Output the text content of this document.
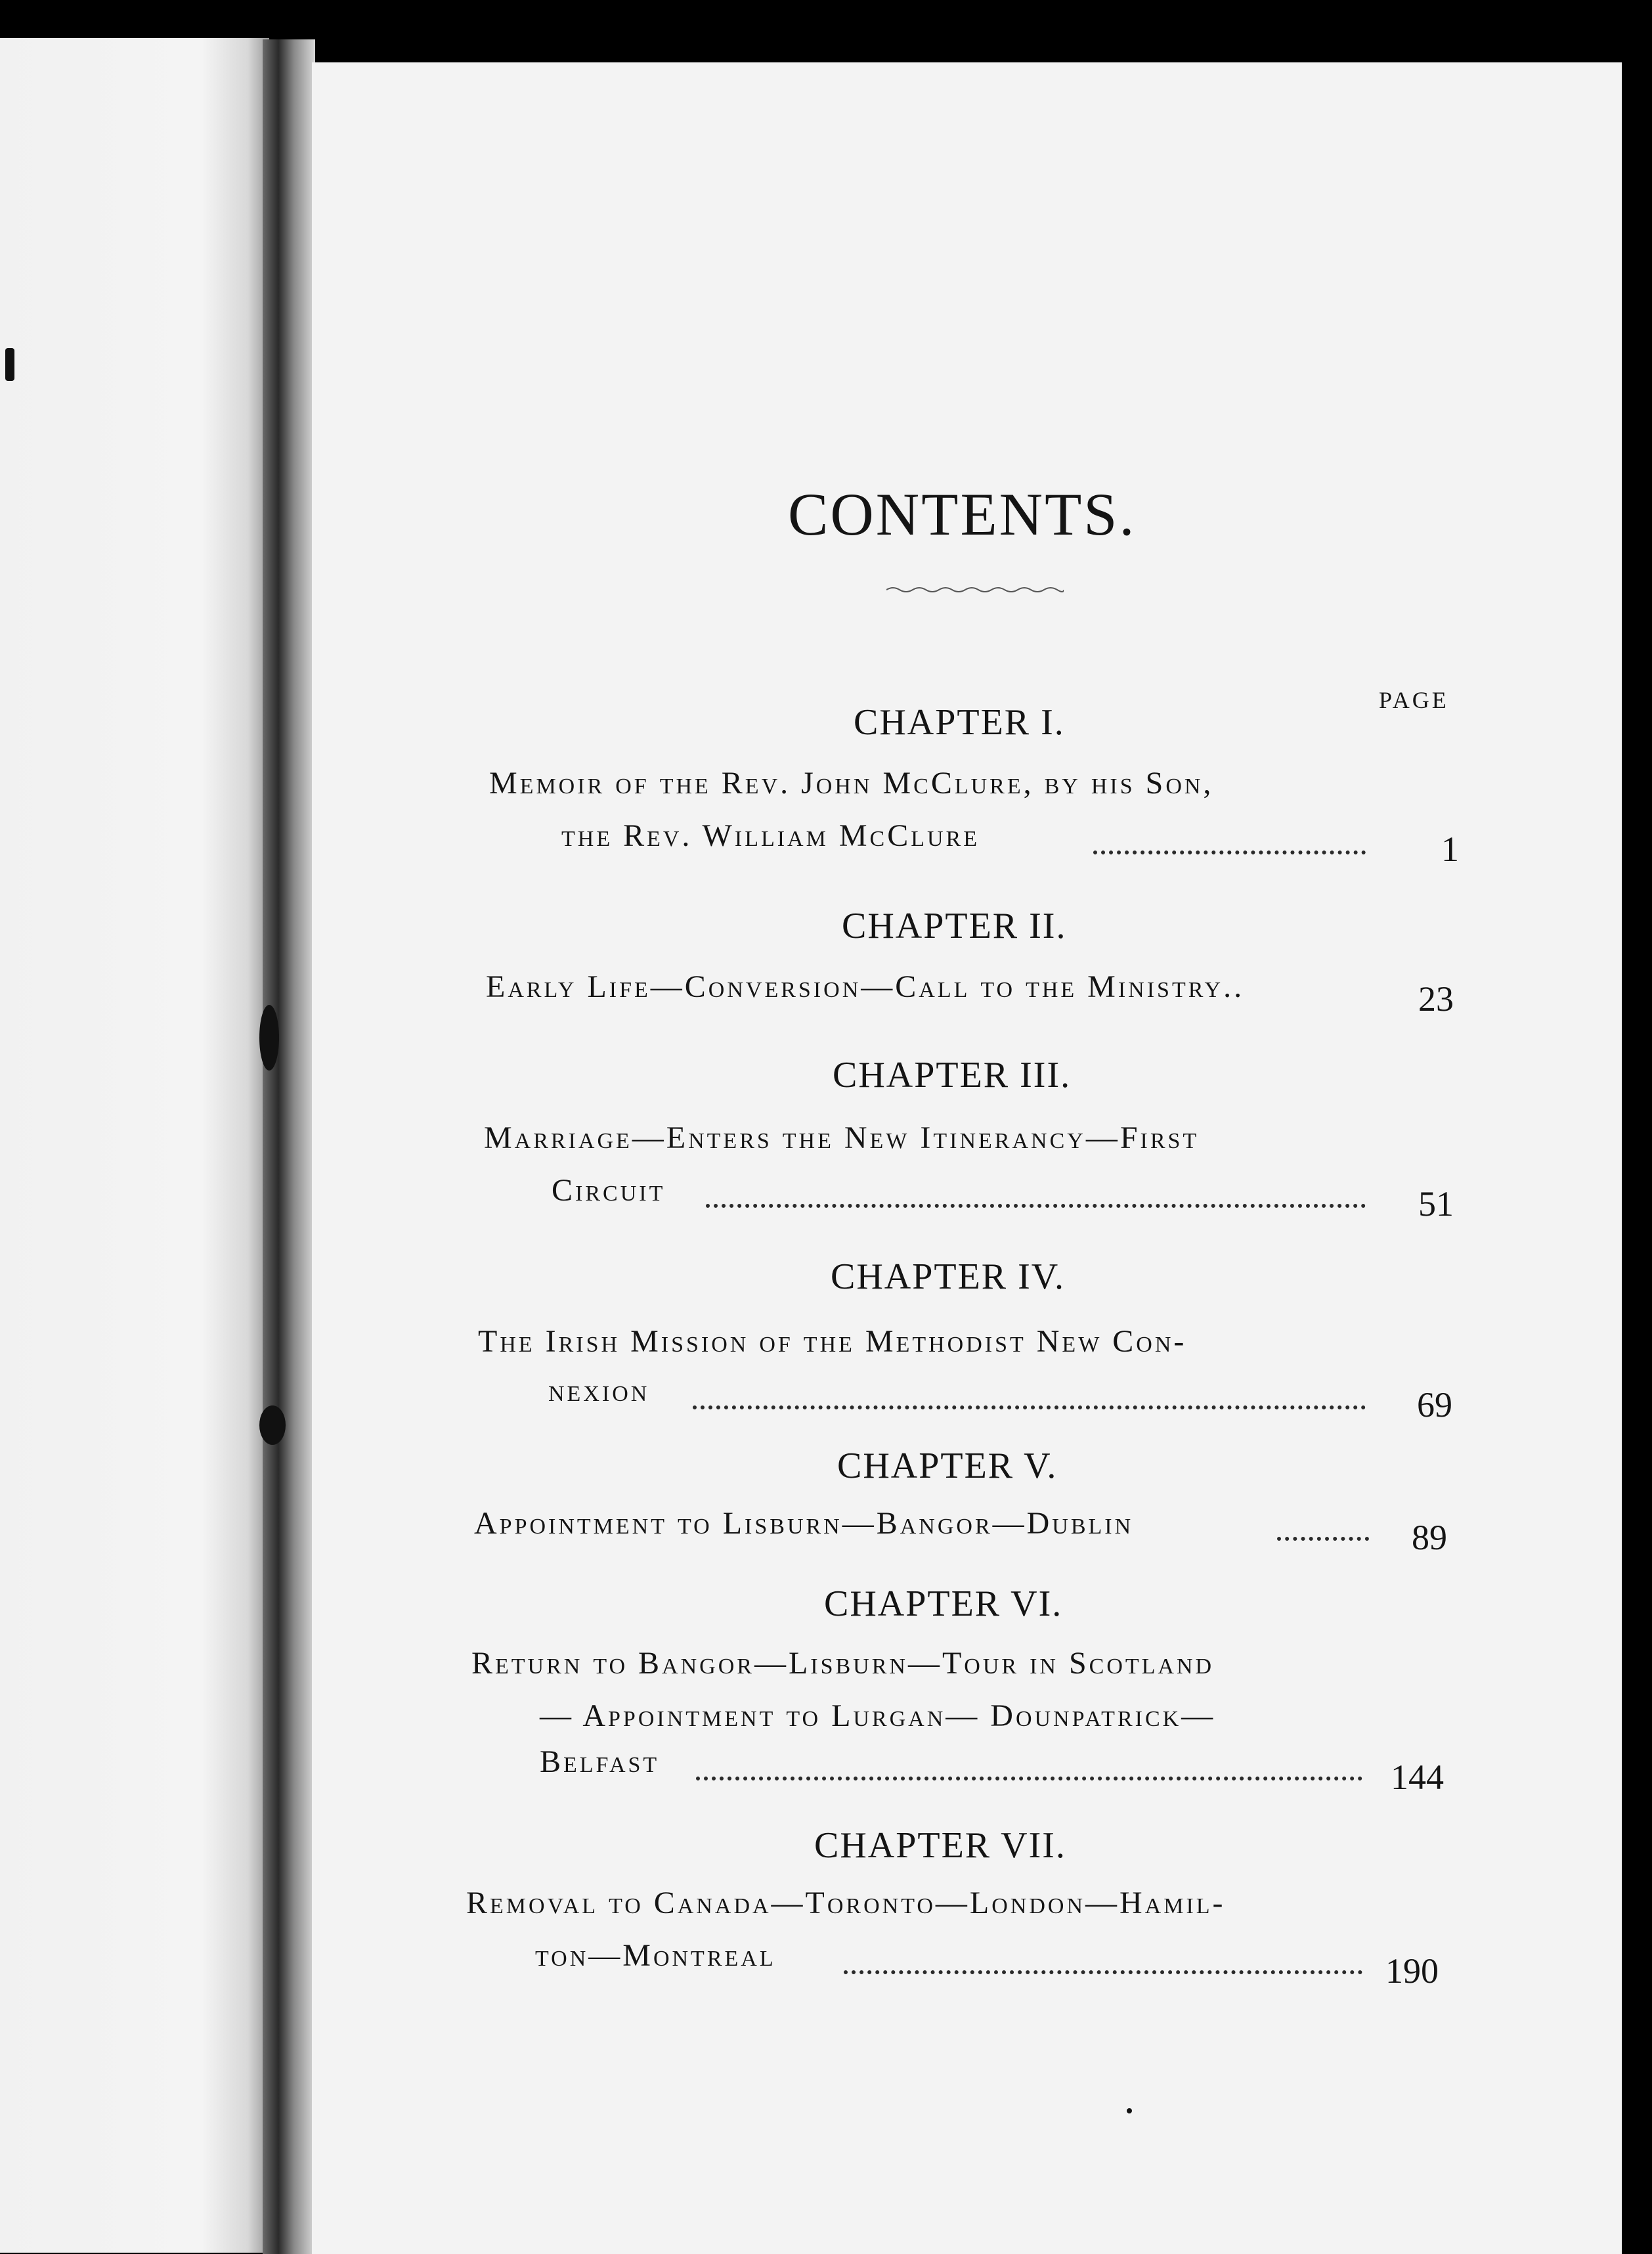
CONTENTS.
PAGE
CHAPTER I.
Memoir of the Rev. John McClure, by his Son,
the Rev. William McClure	1
CHAPTER II.
Early Life—Conversion—Call to the Ministry..	23
CHAPTER III.
Marriage—Enters the New Itinerancy—First
Circuit	51
CHAPTER IV.
The Irish Mission of the Methodist New Con-
nexion	69
CHAPTER V.
Appointment to Lisburn—Bangor—Dublin	89
CHAPTER VI.
Return to Bangor—Lisburn—Tour in Scotland
— Appointment to Lurgan— Dounpatrick—
Belfast	144
CHAPTER VII.
Removal to Canada—Toronto—London—Hamil-
ton—Montreal	190
